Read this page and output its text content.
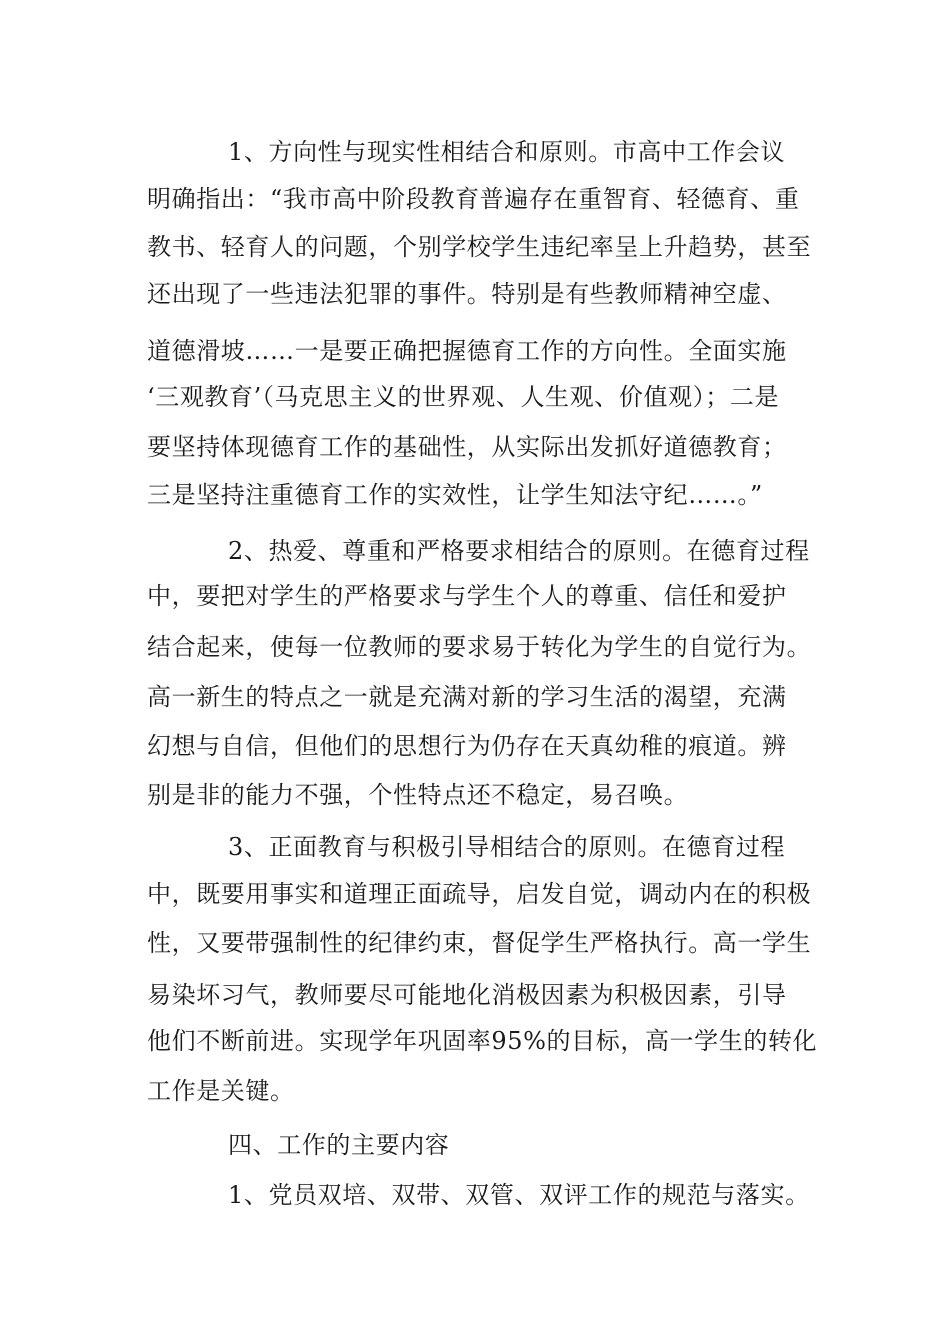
1、方向性与现实性相结合和原则。市高中工作会议
明确指出：“我市高中阶段教育普遍存在重智育、轻德育、重
教书、轻育人的问题，个别学校学生违纪率呈上升趋势，甚至
还出现了一些违法犯罪的事件。特别是有些教师精神空虚、
道德滑坡……一是要正确把握德育工作的方向性。全面实施
‘三观教育’（马克思主义的世界观、人生观、价值观）；二是
要坚持体现德育工作的基础性，从实际出发抓好道德教育；
三是坚持注重德育工作的实效性，让学生知法守纪……。”
2、热爱、尊重和严格要求相结合的原则。在德育过程
中，要把对学生的严格要求与学生个人的尊重、信任和爱护
结合起来，使每一位教师的要求易于转化为学生的自觉行为。
高一新生的特点之一就是充满对新的学习生活的渴望，充满
幻想与自信，但他们的思想行为仍存在天真幼稚的痕道。辨
别是非的能力不强，个性特点还不稳定，易召唤。
3、正面教育与积极引导相结合的原则。在德育过程
中，既要用事实和道理正面疏导，启发自觉，调动内在的积极
性，又要带强制性的纪律约束，督促学生严格执行。高一学生
易染坏习气，教师要尽可能地化消极因素为积极因素，引导
他们不断前进。实现学年巩固率95%的目标，高一学生的转化
工作是关键。
四、工作的主要内容
1、党员双培、双带、双管、双评工作的规范与落实。
